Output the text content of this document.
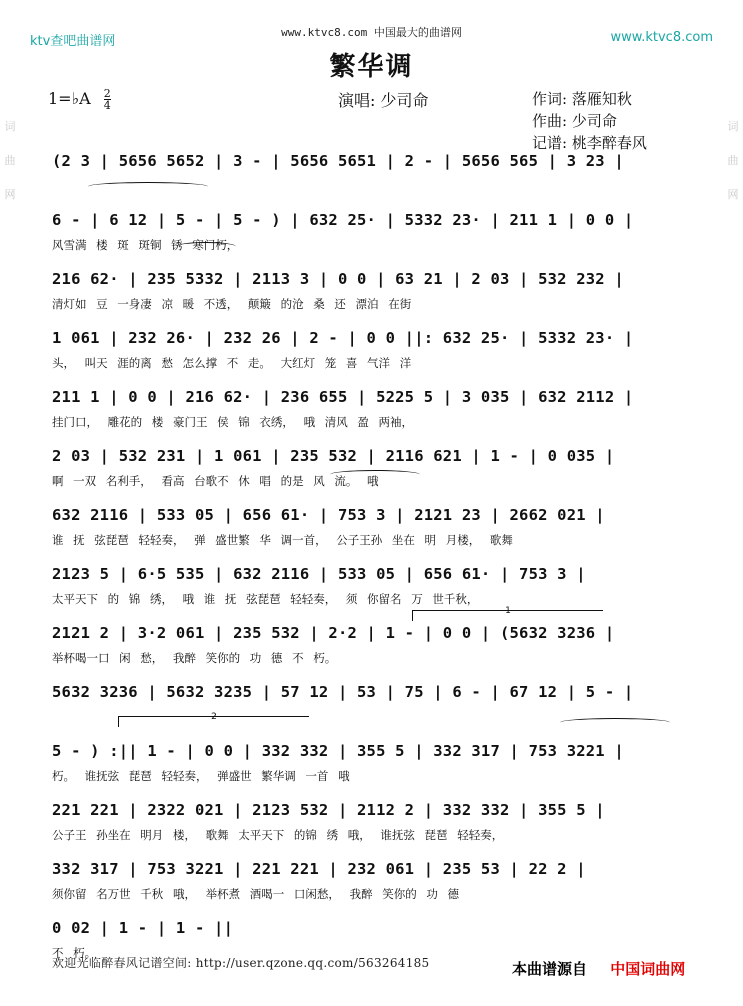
ktv查吧曲谱网
www.ktvc8.com 中国最大的曲谱网	www.ktvc8.com
词曲网
词曲网
繁华调
1=♭A $\frac{2}{4}$	演唱: 少司命	作词: 落雁知秋
作曲: 少司命
记谱: 桃李醉春风
(2 3 | 5656 5652 | 3 - | 5656 5651 | 2 - | 5656 565 | 3 23 |
6 - | 6 12 | 5 - | 5 - ) | 632 25· | 5332 23· | 211 1 | 0 0 |
风雪满 楼 斑 斑铜 锈 寒门朽，
216 62· | 235 5332 | 2113 3 | 0 0 | 63 21 | 2 03 | 532 232 |
清灯如 豆 一身凄 凉 暖 不透， 颠簸 的沧 桑 还 漂泊 在街
1 061 | 232 26· | 232 26 | 2 - | 0 0 ||: 632 25· | 5332 23· |
头， 叫天 涯的离 愁 怎么撑 不 走。 大红灯 笼 喜 气洋 洋
211 1 | 0 0 | 216 62· | 236 655 | 5225 5 | 3 035 | 632 2112 |
挂门口， 雕花的 楼 豪门王 侯 锦 衣绣， 哦 清风 盈 两袖，
2 03 | 532 231 | 1 061 | 235 532 | 2116 621 | 1 - | 0 035 |
啊 一双 名利手， 看高 台歌不 休 唱 的是 风 流。 哦
632 2116 | 533 05 | 656 61· | 753 3 | 2121 23 | 2662 021 |
谁 抚 弦琵琶 轻轻奏， 弹 盛世繁 华 调一首， 公子王孙 坐在 明 月楼， 歌舞
2123 5 | 6·5 535 | 632 2116 | 533 05 | 656 61· | 753 3 |
太平天下 的 锦 绣， 哦 谁 抚 弦琵琶 轻轻奏， 须 你留名 万 世千秋，
2121 2 | 3·2 061 | 235 532 | 2·2 | 1 - | 0 0 | (5632 3236 |
举杯喝一口 闲 愁， 我醉 笑你的 功 德 不 朽。
5632 3236 | 5632 3235 | 57 12 | 53 | 75 | 6 - | 67 12 | 5 - |
5 - ) :|| 1 - | 0 0 | 332 332 | 355 5 | 332 317 | 753 3221 |
朽。 谁抚弦 琵琶 轻轻奏， 弹盛世 繁华调 一首 哦
221 221 | 2322 021 | 2123 532 | 2112 2 | 332 332 | 355 5 |
公子王 孙坐在 明月 楼， 歌舞 太平天下 的锦 绣 哦， 谁抚弦 琵琶 轻轻奏，
332 317 | 753 3221 | 221 221 | 232 061 | 235 53 | 22 2 |
须你留 名万世 千秋 哦， 举杯煮 酒喝一 口闲愁， 我醉 笑你的 功 德
0 02 | 1 - | 1 - ||
不 朽。
1
2
欢迎光临醉春风记谱空间: http://user.qzone.qq.com/563264185	本曲谱源自 中国词曲网
